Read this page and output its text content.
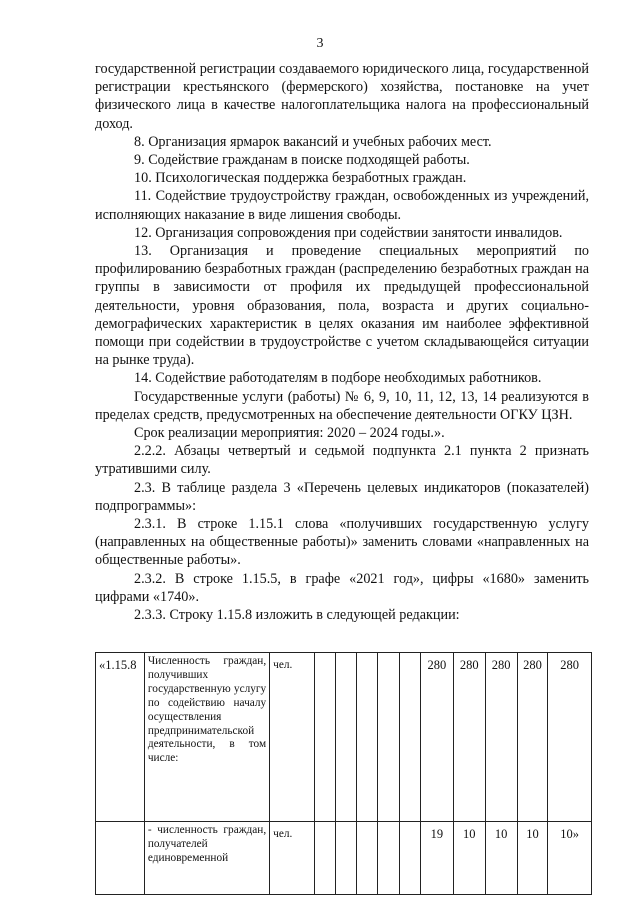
3

государственной регистрации создаваемого юридического лица, государственной регистрации крестьянского (фермерского) хозяйства, постановке на учет физического лица в качестве налогоплательщика налога на профессиональный доход.

8. Организация ярмарок вакансий и учебных рабочих мест.

9. Содействие гражданам в поиске подходящей работы.

10. Психологическая поддержка безработных граждан.

11. Содействие трудоустройству граждан, освобожденных из учреждений, исполняющих наказание в виде лишения свободы.

12. Организация сопровождения при содействии занятости инвалидов.

13. Организация и проведение специальных мероприятий по профилированию безработных граждан (распределению безработных граждан на группы в зависимости от профиля их предыдущей профессиональной деятельности, уровня образования, пола, возраста и других социально-демографических характеристик в целях оказания им наиболее эффективной помощи при содействии в трудоустройстве с учетом складывающейся ситуации на рынке труда).

14. Содействие работодателям в подборе необходимых работников.

Государственные услуги (работы) № 6, 9, 10, 11, 12, 13, 14 реализуются в пределах средств, предусмотренных на обеспечение деятельности ОГКУ ЦЗН.

Срок реализации мероприятия: 2020 – 2024 годы.».

2.2.2. Абзацы четвертый и седьмой подпункта 2.1 пункта 2 признать утратившими силу.

2.3. В таблице раздела 3 «Перечень целевых индикаторов (показателей) подпрограммы»:

2.3.1. В строке 1.15.1 слова «получивших государственную услугу (направленных на общественные работы)» заменить словами «направленных на общественные работы».

2.3.2. В строке 1.15.5, в графе «2021 год», цифры «1680» заменить цифрами «1740».

2.3.3. Строку 1.15.8 изложить в следующей редакции:

«1.15.8	Численность граждан, получивших государственную услугу по содействию началу осуществления предпринимательской деятельности, в том числе:	чел.						280	280	280	280	280
	- численность граждан, получателей единовременной	чел.						19	10	10	10	10»
